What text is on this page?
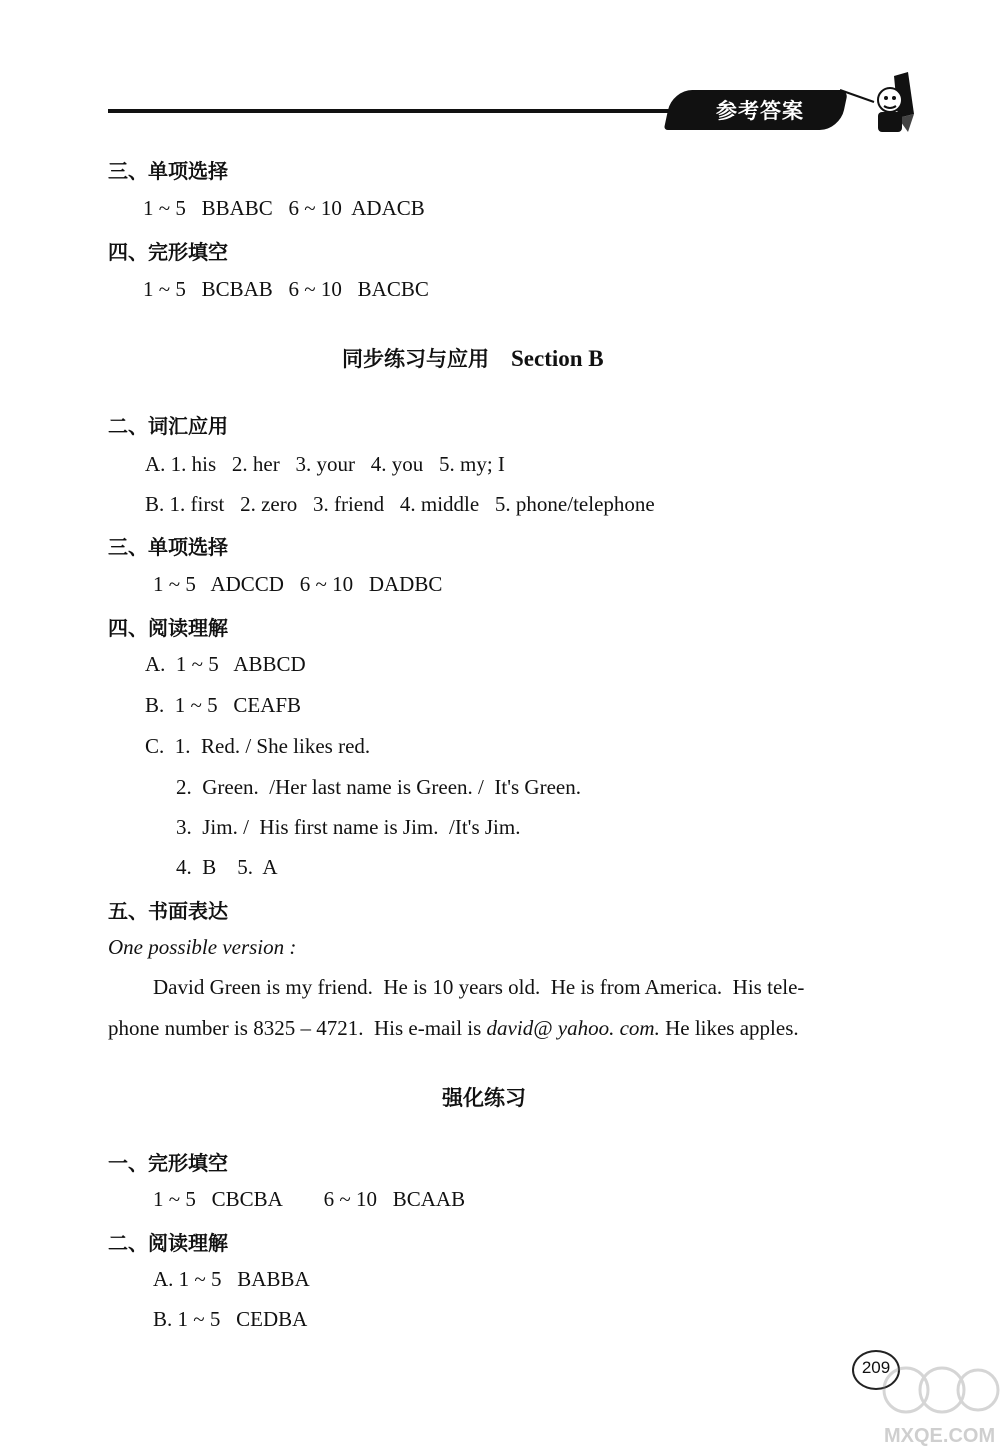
参考答案
三、单项选择
1 ~ 5   BBABC   6 ~ 10  ADACB
四、完形填空
1 ~ 5   BCBAB   6 ~ 10   BACBC
同步练习与应用 Section B
二、词汇应用
A. 1. his   2. her   3. your   4. you   5. my; I
B. 1. first   2. zero   3. friend   4. middle   5. phone/telephone
三、单项选择
1 ~ 5   ADCCD   6 ~ 10   DADBC
四、阅读理解
A.  1 ~ 5   ABBCD
B.  1 ~ 5   CEAFB
C.  1.  Red. / She likes red.
2.  Green.  /Her last name is Green. /  It's Green.
3.  Jim. /  His first name is Jim.  /It's Jim.
4.  B    5.  A
五、书面表达
One possible version :
David Green is my friend.  He is 10 years old.  He is from America.  His tele-
phone number is 8325 – 4721.  His e-mail is david@ yahoo. com. He likes apples.
强化练习
一、完形填空
1 ~ 5   CBCBA        6 ~ 10   BCAAB
二、阅读理解
A. 1 ~ 5   BABBA
B. 1 ~ 5   CEDBA
209
MXQE.COM
